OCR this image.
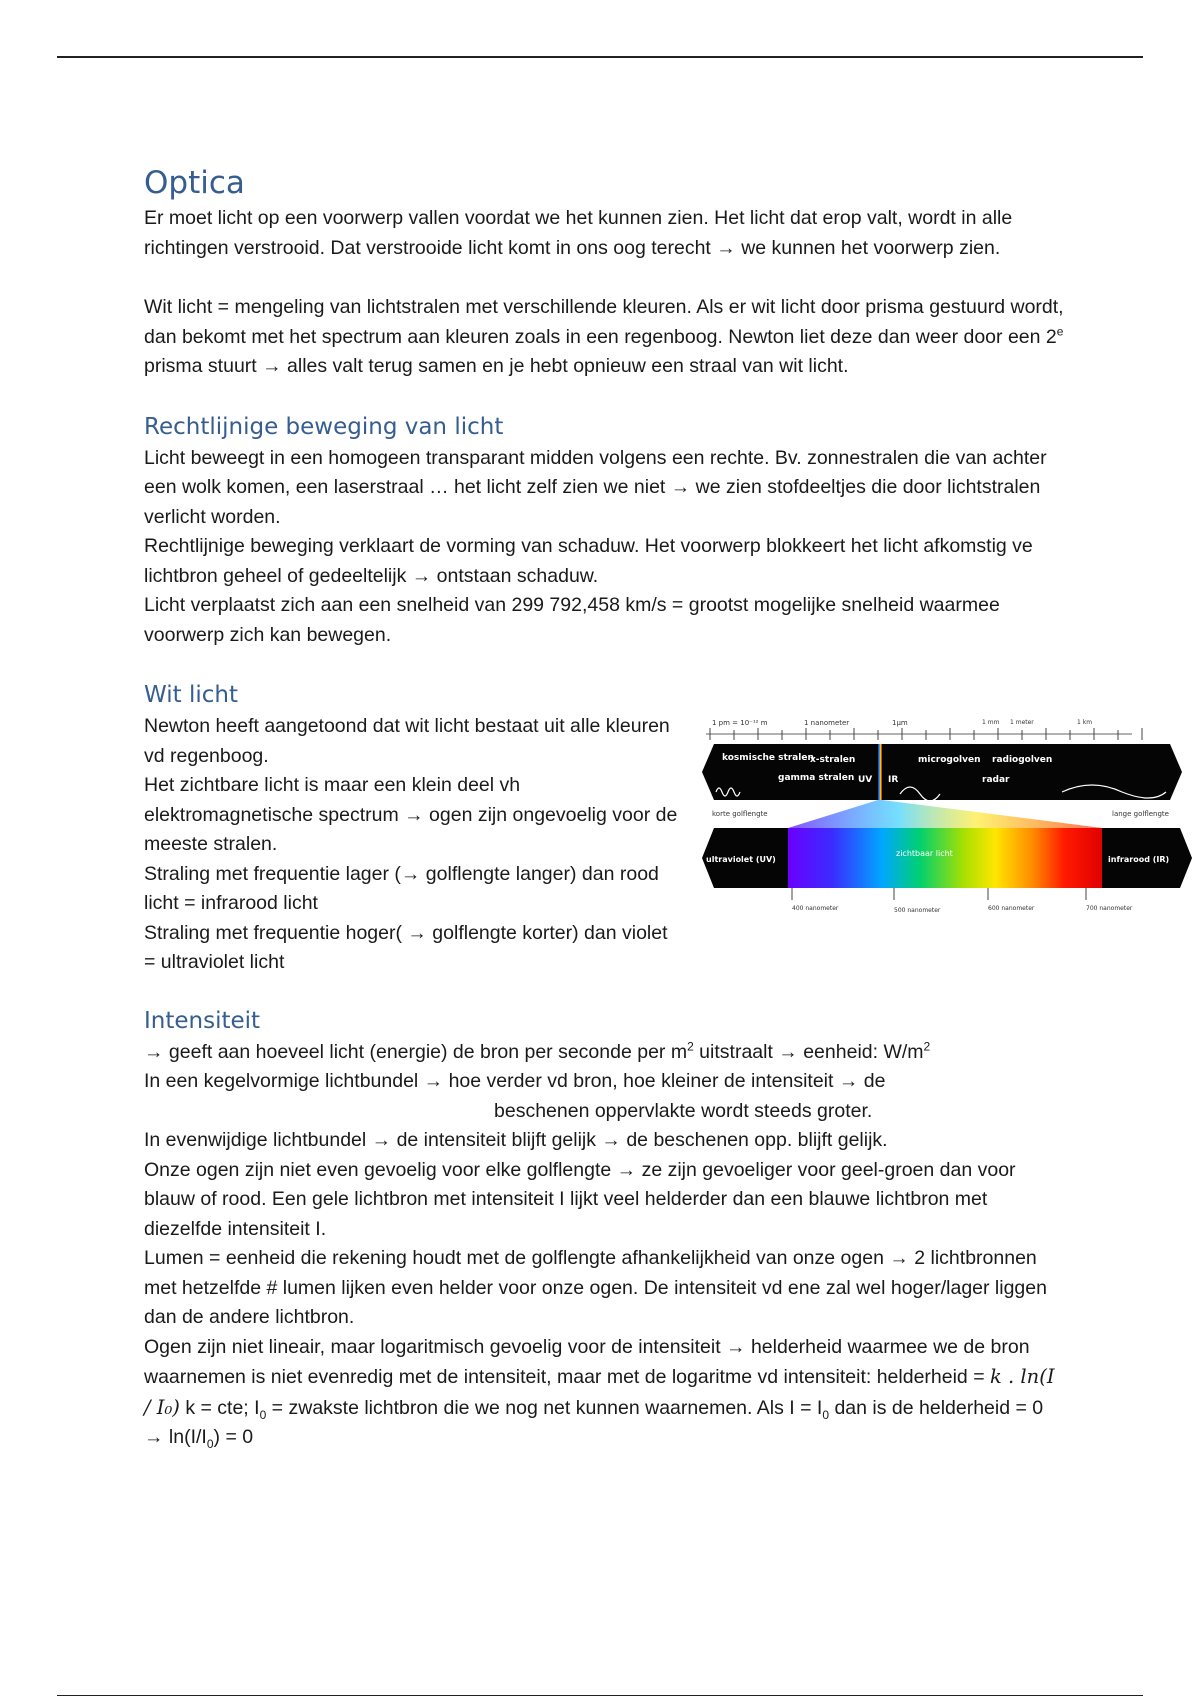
Optica

Er moet licht op een voorwerp vallen voordat we het kunnen zien. Het licht dat erop valt, wordt in alle richtingen verstrooid. Dat verstrooide licht komt in ons oog terecht → we kunnen het voorwerp zien.

Wit licht = mengeling van lichtstralen met verschillende kleuren. Als er wit licht door prisma gestuurd wordt, dan bekomt met het spectrum aan kleuren zoals in een regenboog. Newton liet deze dan weer door een 2e prisma stuurt → alles valt terug samen en je hebt opnieuw een straal van wit licht.

Rechtlijnige beweging van licht

Licht beweegt in een homogeen transparant midden volgens een rechte. Bv. zonnestralen die van achter een wolk komen, een laserstraal … het licht zelf zien we niet → we zien stofdeeltjes die door lichtstralen verlicht worden.

Rechtlijnige beweging verklaart de vorming van schaduw. Het voorwerp blokkeert het licht afkomstig ve lichtbron geheel of gedeeltelijk → ontstaan schaduw.

Licht verplaatst zich aan een snelheid van 299 792,458 km/s = grootst mogelijke snelheid waarmee voorwerp zich kan bewegen.

Wit licht

Newton heeft aangetoond dat wit licht bestaat uit alle kleuren vd regenboog.

Het zichtbare licht is maar een klein deel vh elektromagnetische spectrum → ogen zijn ongevoelig voor de meeste stralen.

Straling met frequentie lager (→ golflengte langer) dan rood licht = infrarood licht

Straling met frequentie hoger( → golflengte korter) dan violet = ultraviolet licht

1 pm = 10⁻¹² m	1 nanometer	1µm	1 mm 1 meter	1 km
kosmische stralen
gamma stralen
x-stralen
UV IR
microgolven radiogolven
radar
korte golflengte	lange golflengte
ultraviolet (UV)	infrarood (IR)
zichtbaar licht
400 nanometer	500 nanometer	600 nanometer	700 nanometer
Intensiteit

→ geeft aan hoeveel licht (energie) de bron per seconde per $m^2$ uitstraalt → eenheid: $W/m^2$

In een kegelvormige lichtbundel → hoe verder vd bron, hoe kleiner de intensiteit → de

beschenen oppervlakte wordt steeds groter.

In evenwijdige lichtbundel → de intensiteit blijft gelijk → de beschenen opp. blijft gelijk.

Onze ogen zijn niet even gevoelig voor elke golflengte → ze zijn gevoeliger voor geel-groen dan voor blauw of rood. Een gele lichtbron met intensiteit I lijkt veel helderder dan een blauwe lichtbron met diezelfde intensiteit I.

Lumen = eenheid die rekening houdt met de golflengte afhankelijkheid van onze ogen → 2 lichtbronnen met hetzelfde # lumen lijken even helder voor onze ogen. De intensiteit vd ene zal wel hoger/lager liggen dan de andere lichtbron.

Ogen zijn niet lineair, maar logaritmisch gevoelig voor de intensiteit → helderheid waarmee we de bron waarnemen is niet evenredig met de intensiteit, maar met de logaritme vd intensiteit: helderheid = k . ln(I / I₀) k = cte; $I_0$ = zwakste lichtbron die we nog net kunnen waarnemen. Als $I = I_0$ dan is de helderheid = $0 \to \ln(I/I_0) = 0$
